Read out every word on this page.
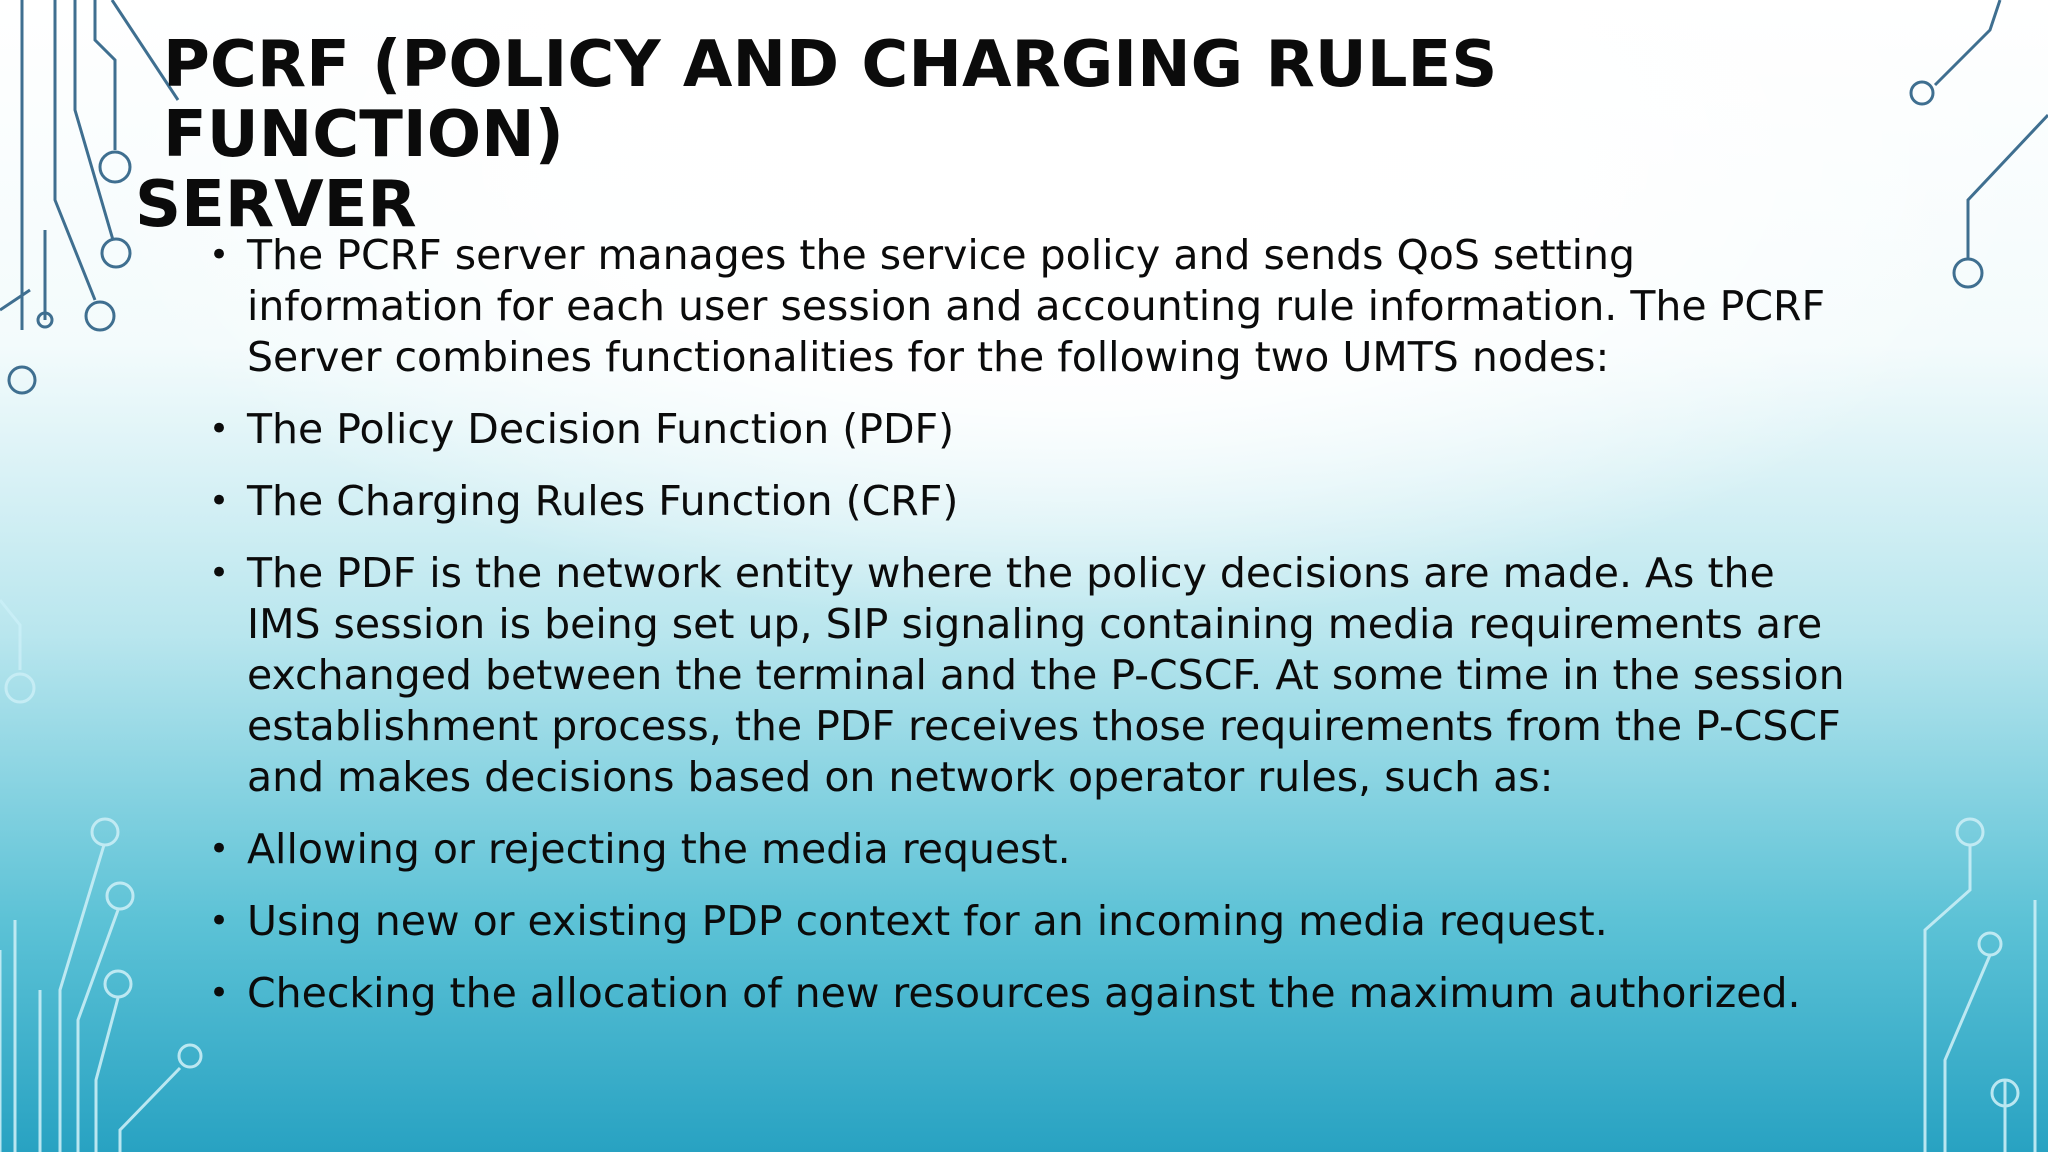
PCRF (POLICY AND CHARGING RULES FUNCTION)
SERVER
• The PCRF server manages the service policy and sends QoS setting information for each user session and accounting rule information. The PCRF Server combines functionalities for the following two UMTS nodes:
• The Policy Decision Function (PDF)
• The Charging Rules Function (CRF)
• The PDF is the network entity where the policy decisions are made. As the IMS session is being set up, SIP signaling containing media requirements are exchanged between the terminal and the P-CSCF. At some time in the session establishment process, the PDF receives those requirements from the P-CSCF and makes decisions based on network operator rules, such as:
• Allowing or rejecting the media request.
• Using new or existing PDP context for an incoming media request.
• Checking the allocation of new resources against the maximum authorized.
